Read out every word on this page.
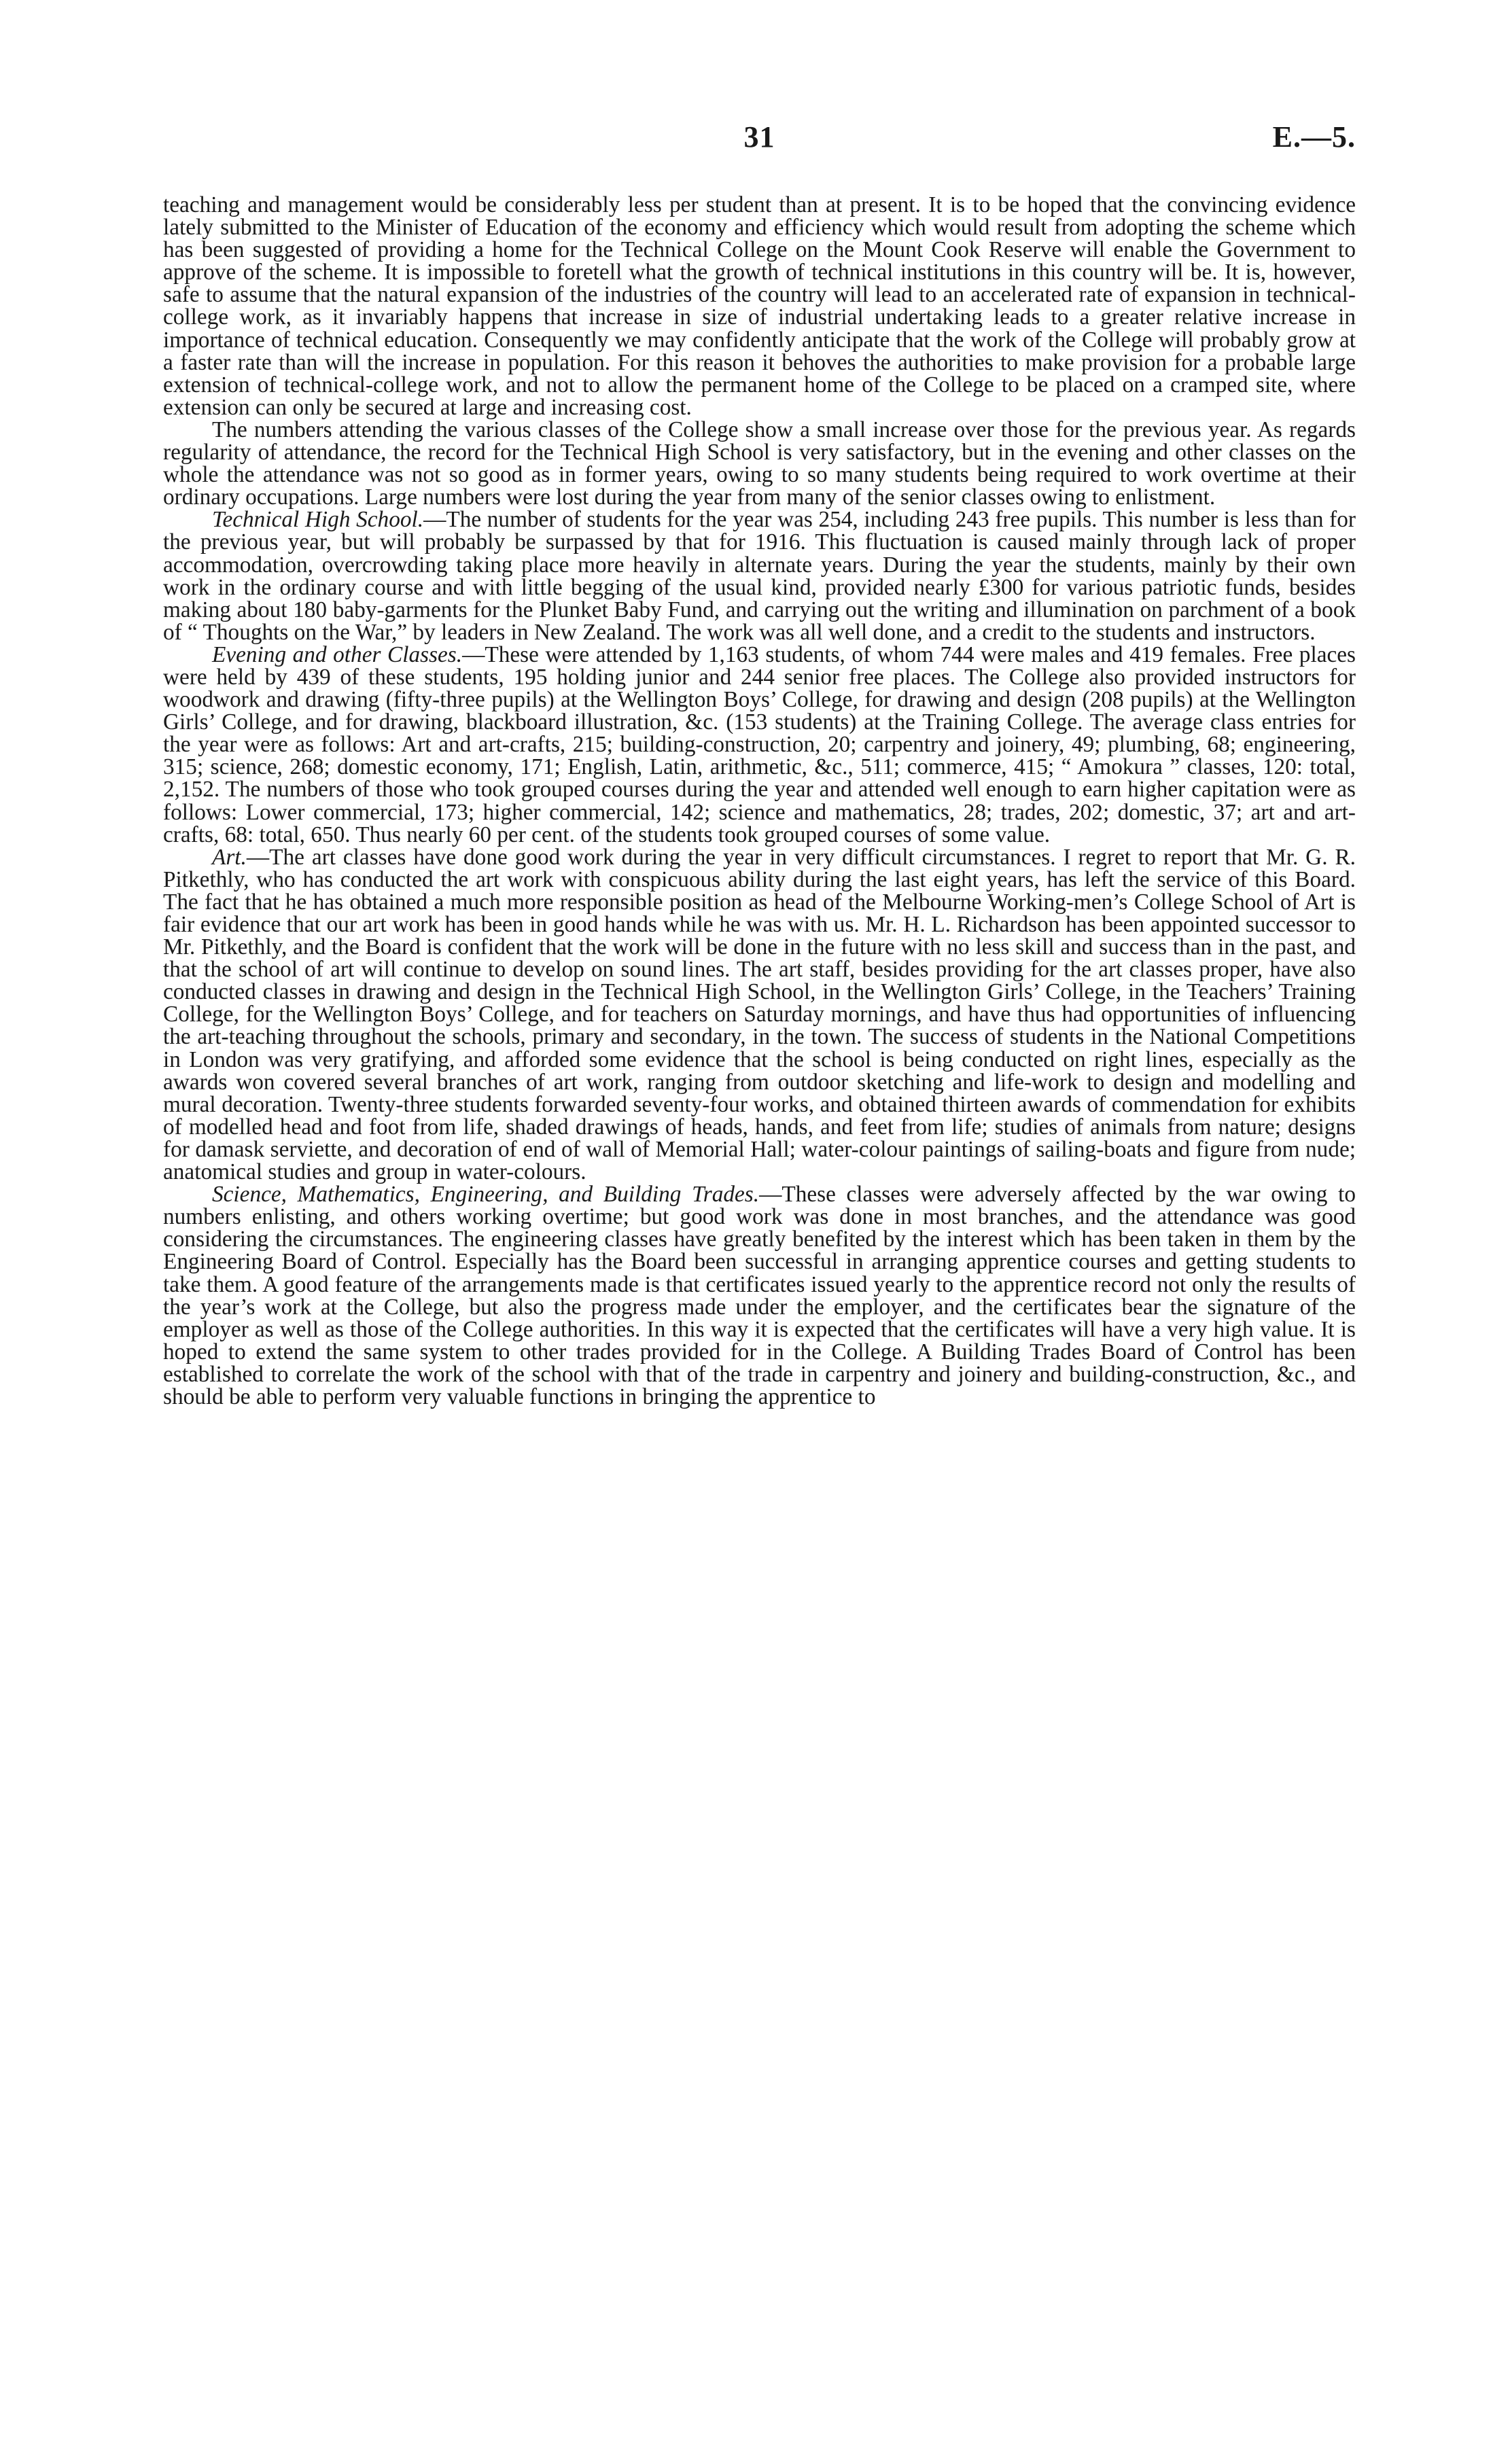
31	E.—5.

teaching and management would be considerably less per student than at present. It is to be hoped that the convincing evidence lately submitted to the Minister of Education of the economy and efficiency which would result from adopting the scheme which has been suggested of providing a home for the Technical College on the Mount Cook Reserve will enable the Government to approve of the scheme. It is impossible to foretell what the growth of technical institutions in this country will be. It is, however, safe to assume that the natural expansion of the industries of the country will lead to an accelerated rate of expansion in technical-college work, as it invariably happens that increase in size of industrial undertaking leads to a greater relative increase in importance of technical education. Consequently we may confidently anticipate that the work of the College will probably grow at a faster rate than will the increase in population. For this reason it behoves the authorities to make provision for a probable large extension of technical-college work, and not to allow the permanent home of the College to be placed on a cramped site, where extension can only be secured at large and increasing cost.

The numbers attending the various classes of the College show a small increase over those for the previous year. As regards regularity of attendance, the record for the Technical High School is very satisfactory, but in the evening and other classes on the whole the attendance was not so good as in former years, owing to so many students being required to work overtime at their ordinary occupations. Large numbers were lost during the year from many of the senior classes owing to enlistment.

Technical High School.—The number of students for the year was 254, including 243 free pupils. This number is less than for the previous year, but will probably be surpassed by that for 1916. This fluctuation is caused mainly through lack of proper accommodation, overcrowding taking place more heavily in alternate years. During the year the students, mainly by their own work in the ordinary course and with little begging of the usual kind, provided nearly £300 for various patriotic funds, besides making about 180 baby-garments for the Plunket Baby Fund, and carrying out the writing and illumination on parchment of a book of “ Thoughts on the War,” by leaders in New Zealand. The work was all well done, and a credit to the students and instructors.

Evening and other Classes.—These were attended by 1,163 students, of whom 744 were males and 419 females. Free places were held by 439 of these students, 195 holding junior and 244 senior free places. The College also provided instructors for woodwork and drawing (fifty-three pupils) at the Wellington Boys’ College, for drawing and design (208 pupils) at the Wellington Girls’ College, and for drawing, blackboard illustration, &c. (153 students) at the Training College. The average class entries for the year were as follows: Art and art-crafts, 215; building-construction, 20; carpentry and joinery, 49; plumbing, 68; engineering, 315; science, 268; domestic economy, 171; English, Latin, arithmetic, &c., 511; commerce, 415; “ Amokura ” classes, 120: total, 2,152. The numbers of those who took grouped courses during the year and attended well enough to earn higher capitation were as follows: Lower commercial, 173; higher commercial, 142; science and mathematics, 28; trades, 202; domestic, 37; art and art-crafts, 68: total, 650. Thus nearly 60 per cent. of the students took grouped courses of some value.

Art.—The art classes have done good work during the year in very difficult circumstances. I regret to report that Mr. G. R. Pitkethly, who has conducted the art work with conspicuous ability during the last eight years, has left the service of this Board. The fact that he has obtained a much more responsible position as head of the Melbourne Working-men’s College School of Art is fair evidence that our art work has been in good hands while he was with us. Mr. H. L. Richardson has been appointed successor to Mr. Pitkethly, and the Board is confident that the work will be done in the future with no less skill and success than in the past, and that the school of art will continue to develop on sound lines. The art staff, besides providing for the art classes proper, have also conducted classes in drawing and design in the Technical High School, in the Wellington Girls’ College, in the Teachers’ Training College, for the Wellington Boys’ College, and for teachers on Saturday mornings, and have thus had opportunities of influencing the art-teaching throughout the schools, primary and secondary, in the town. The success of students in the National Competitions in London was very gratifying, and afforded some evidence that the school is being conducted on right lines, especially as the awards won covered several branches of art work, ranging from outdoor sketching and life-work to design and modelling and mural decoration. Twenty-three students forwarded seventy-four works, and obtained thirteen awards of commendation for exhibits of modelled head and foot from life, shaded drawings of heads, hands, and feet from life; studies of animals from nature; designs for damask serviette, and decoration of end of wall of Memorial Hall; water-colour paintings of sailing-boats and figure from nude; anatomical studies and group in water-colours.

Science, Mathematics, Engineering, and Building Trades.—These classes were adversely affected by the war owing to numbers enlisting, and others working overtime; but good work was done in most branches, and the attendance was good considering the circumstances. The engineering classes have greatly benefited by the interest which has been taken in them by the Engineering Board of Control. Especially has the Board been successful in arranging apprentice courses and getting students to take them. A good feature of the arrangements made is that certificates issued yearly to the apprentice record not only the results of the year’s work at the College, but also the progress made under the employer, and the certificates bear the signature of the employer as well as those of the College authorities. In this way it is expected that the certificates will have a very high value. It is hoped to extend the same system to other trades provided for in the College. A Building Trades Board of Control has been established to correlate the work of the school with that of the trade in carpentry and joinery and building-construction, &c., and should be able to perform very valuable functions in bringing the apprentice to
